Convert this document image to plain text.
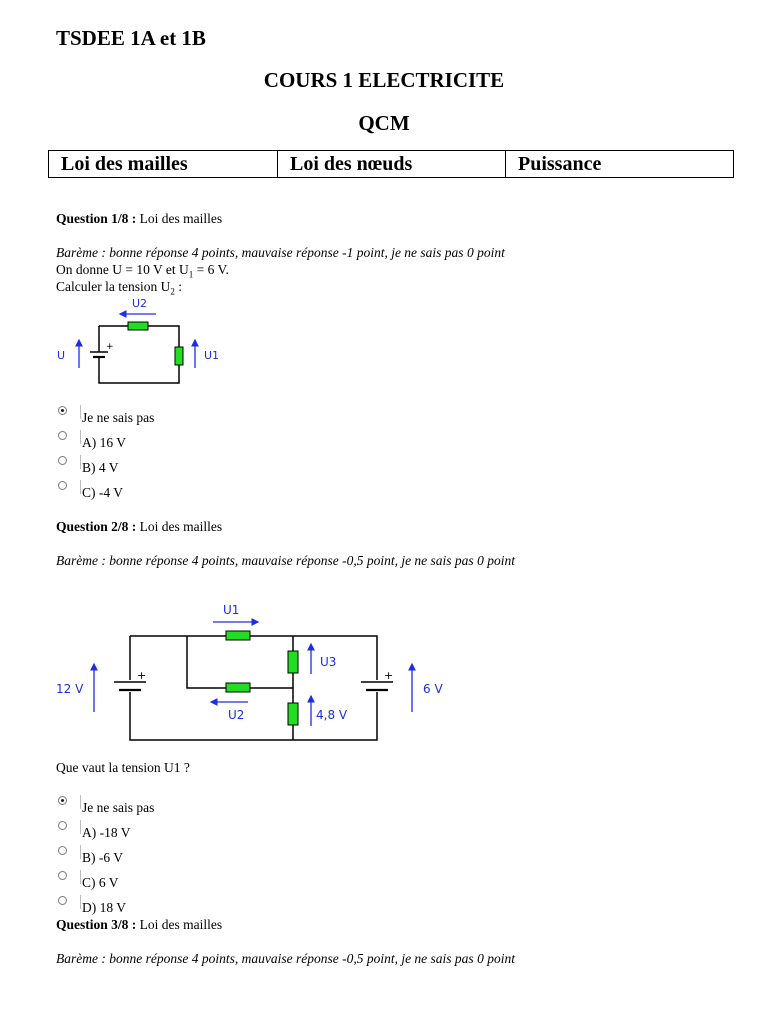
TSDEE 1A et 1B
COURS 1 ELECTRICITE
QCM
Loi des mailles	Loi des nœuds	Puissance
Question 1/8 : Loi des mailles
Barème : bonne réponse 4 points, mauvaise réponse -1 point, je ne sais pas 0 point
On donne U = 10 V et $U_1 = 6$ V.
Calculer la tension $U_2$ :
+
U2
U	U1
Je ne sais pas
A) 16 V
B) 4 V
C) -4 V
Question 2/8 : Loi des mailles
Barème : bonne réponse 4 points, mauvaise réponse -0,5 point, je ne sais pas 0 point
+	+
U1
U2
U3
4,8 V
12 V	6 V
Que vaut la tension U1 ?
Je ne sais pas
A) -18 V
B) -6 V
C) 6 V
D) 18 V
Question 3/8 : Loi des mailles
Barème : bonne réponse 4 points, mauvaise réponse -0,5 point, je ne sais pas 0 point
